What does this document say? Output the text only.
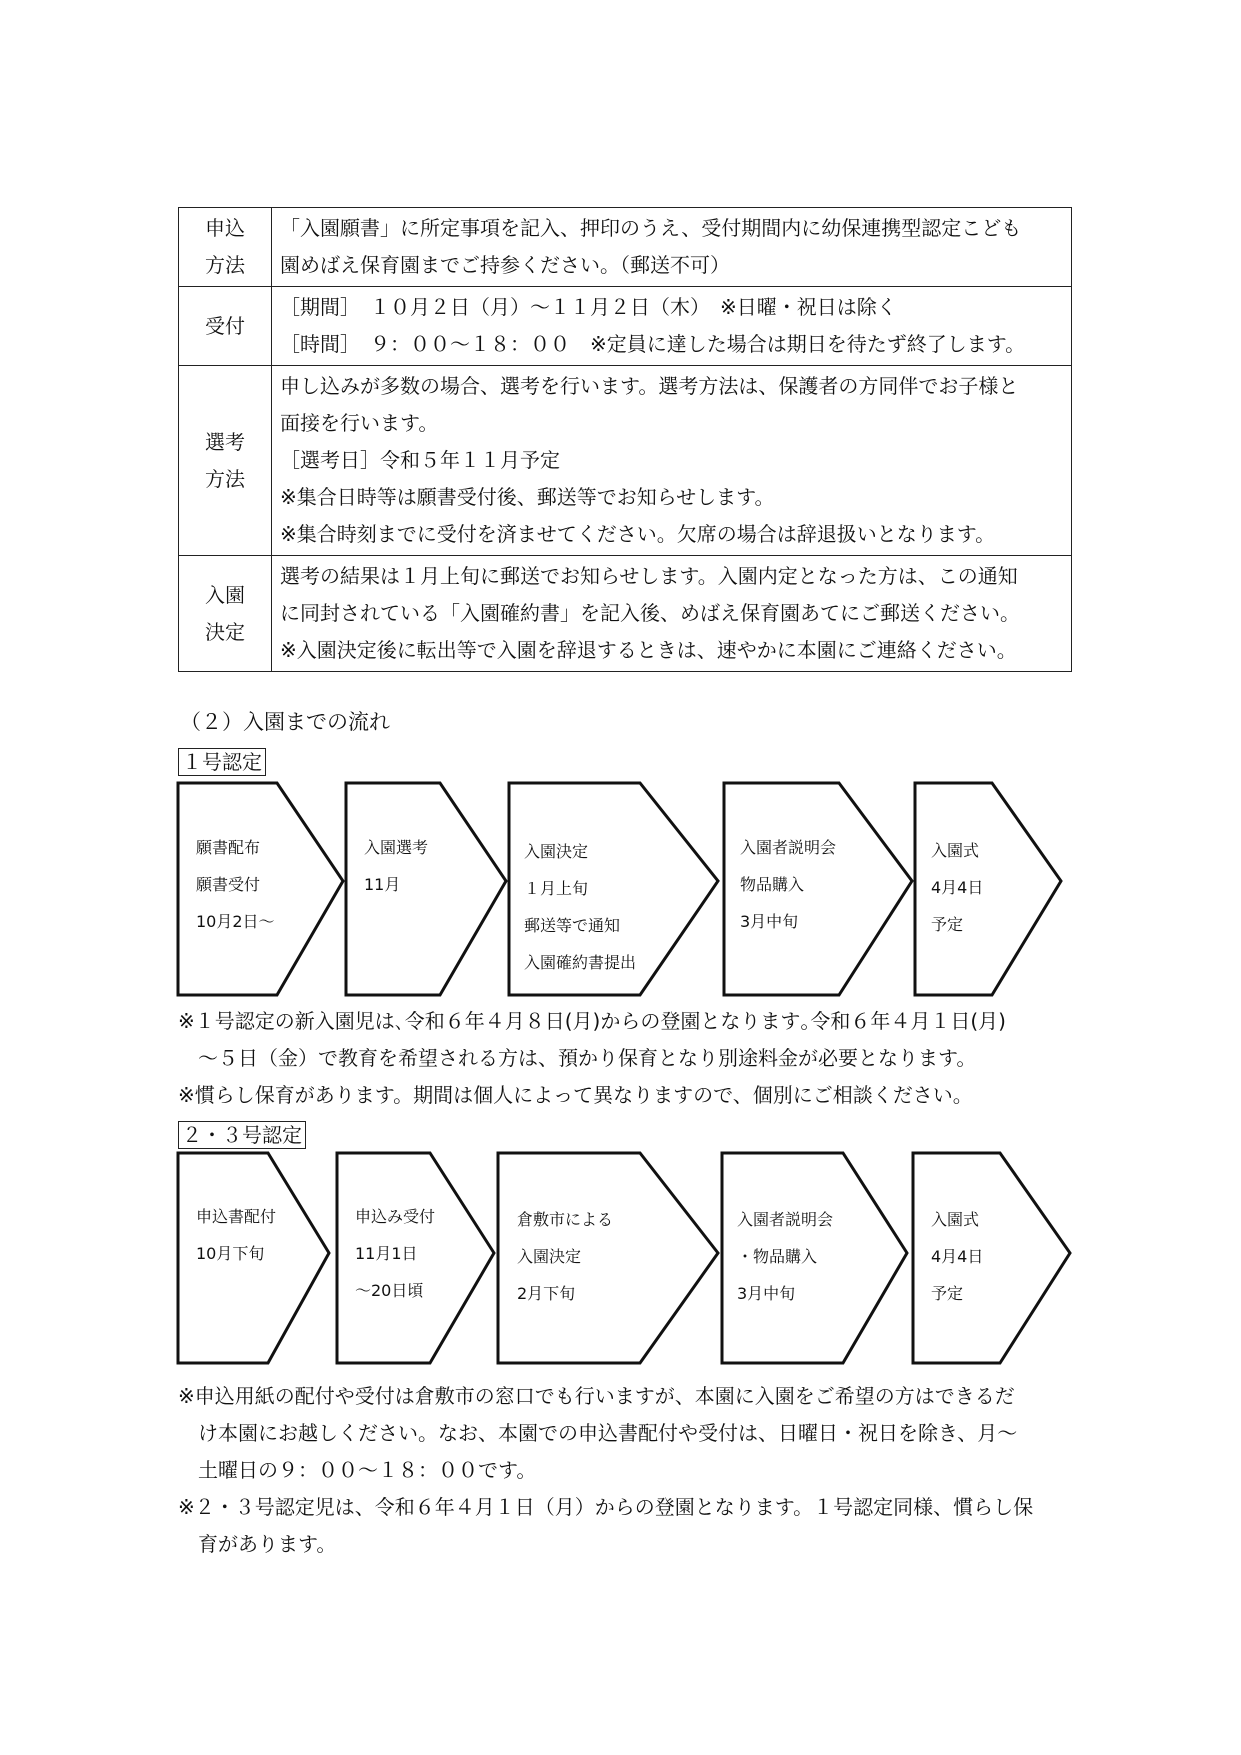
申込
方法	「入園願書」に所定事項を記入、押印のうえ、受付期間内に幼保連携型認定こども
園めばえ保育園までご持参ください。（郵送不可）

受付	［期間］　１０月２日（月）～１１月２日（木）　※日曜・祝日は除く
［時間］　９：００～１８：００　※定員に達した場合は期日を待たず終了します。

選考
方法	申し込みが多数の場合、選考を行います。選考方法は、保護者の方同伴でお子様と
面接を行います。
［選考日］令和５年１１月予定
※集合日時等は願書受付後、郵送等でお知らせします。
※集合時刻までに受付を済ませてください。欠席の場合は辞退扱いとなります。

入園
決定	選考の結果は１月上旬に郵送でお知らせします。入園内定となった方は、この通知
に同封されている「入園確約書」を記入後、めばえ保育園あてにご郵送ください。
※入園決定後に転出等で入園を辞退するときは、速やかに本園にご連絡ください。
（２）入園までの流れ
１号認定
願書配布
願書受付
10月2日～
入園選考
11月
入園決定
１月上旬
郵送等で通知
入園確約書提出
入園者説明会
物品購入
3月中旬
入園式
4月4日
予定
※１号認定の新入園児は､令和６年４月８日(月)からの登園となります｡令和６年４月１日(月)
～５日（金）で教育を希望される方は、預かり保育となり別途料金が必要となります。
※慣らし保育があります。期間は個人によって異なりますので、個別にご相談ください。
２・３号認定
申込書配付
10月下旬
申込み受付
11月1日
～20日頃
倉敷市による
入園決定
2月下旬
入園者説明会
・物品購入
3月中旬
入園式
4月4日
予定
※申込用紙の配付や受付は倉敷市の窓口でも行いますが、本園に入園をご希望の方はできるだ
け本園にお越しください。なお、本園での申込書配付や受付は、日曜日・祝日を除き、月～
土曜日の９：００～１８：００です。
※２・３号認定児は、令和６年４月１日（月）からの登園となります。１号認定同様、慣らし保
育があります。
